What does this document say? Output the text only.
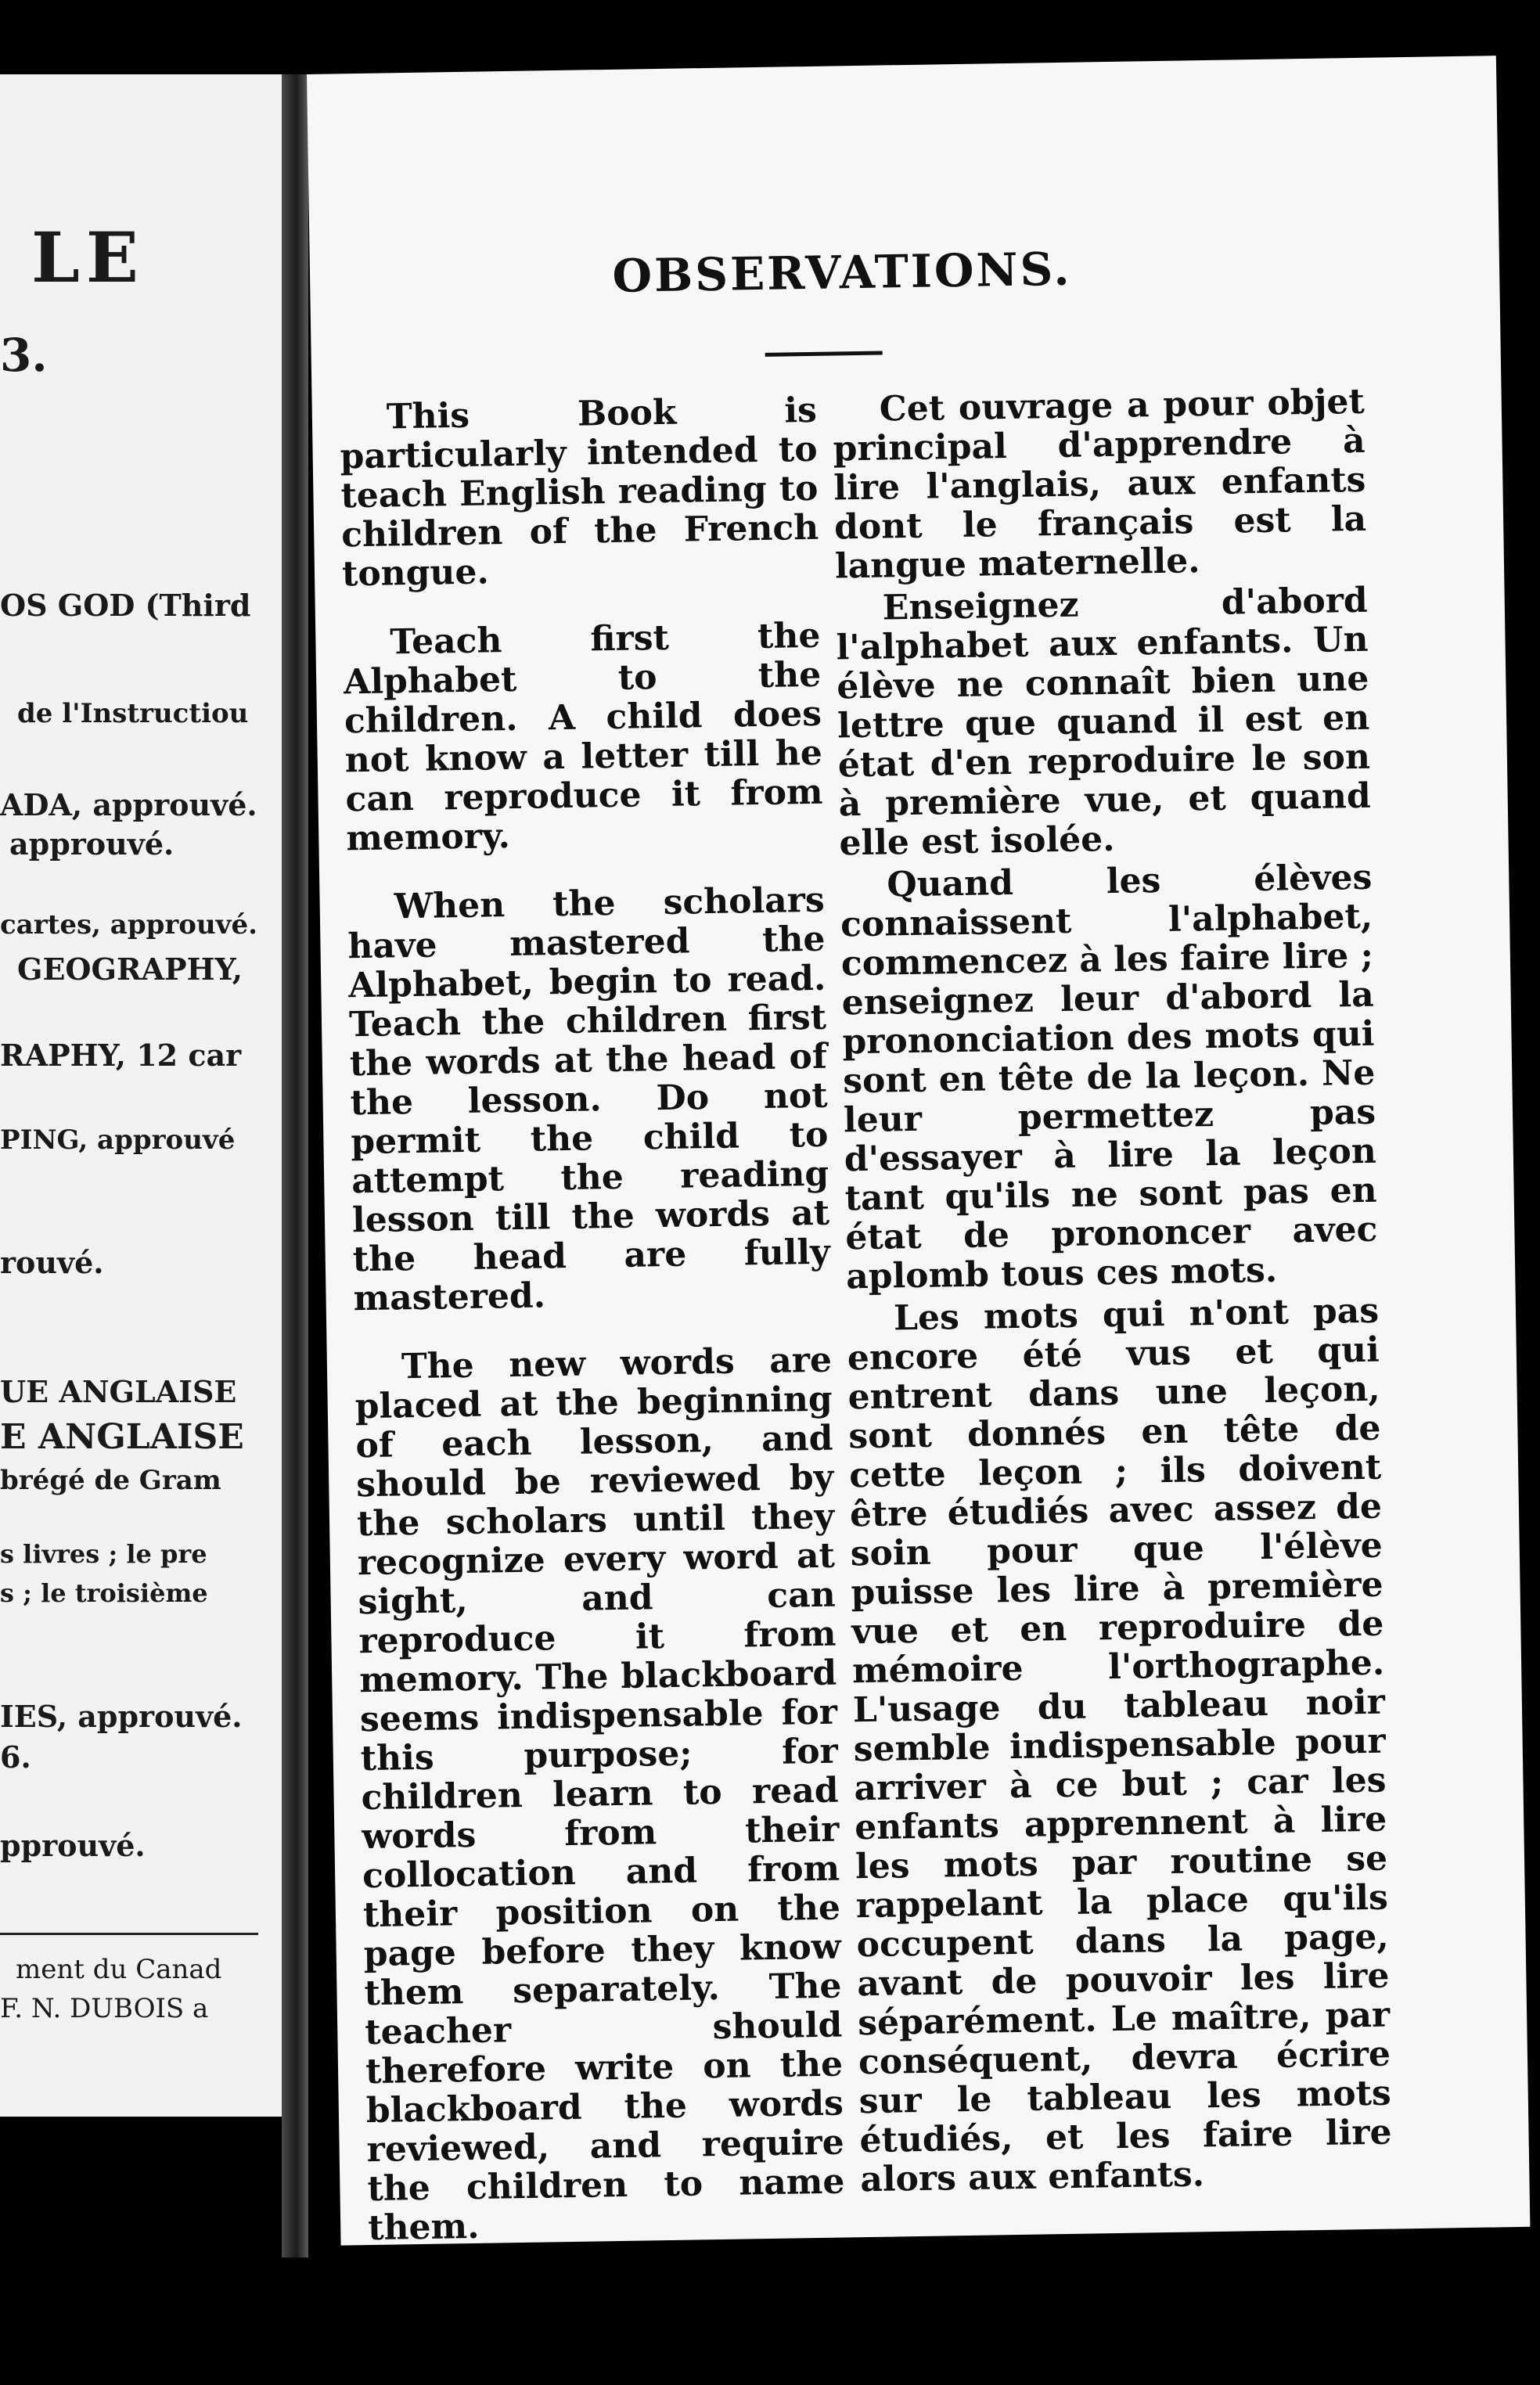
LE
3.
OS GOD (Third
de l'Instructiou
ADA, approuvé.
approuvé.
cartes, approuvé.
GEOGRAPHY,
RAPHY, 12 car
PING, approuvé
rouvé.
UE ANGLAISE
E ANGLAISE
brégé de Gram
s livres ; le pre
s ; le troisième
IES, approuvé.
6.
pprouvé.
ment du Canad
F. N. DUBOIS a
OBSERVATIONS.

This Book is particularly intended to teach English reading to children of the French tongue.

Teach first the Alphabet to the children. A child does not know a letter till he can reproduce it from memory.

When the scholars have mastered the Alphabet, begin to read. Teach the children first the words at the head of the lesson. Do not permit the child to attempt the reading lesson till the words at the head are fully mastered.

The new words are placed at the beginning of each lesson, and should be reviewed by the scholars until they recognize every word at sight, and can reproduce it from memory. The blackboard seems indispensable for this purpose; for children learn to read words from their collocation and from their position on the page before they know them separately. The teacher should therefore write on the blackboard the words reviewed, and require the children to name them.

Cet ouvrage a pour objet principal d'apprendre à lire l'anglais, aux enfants dont le français est la langue maternelle.

Enseignez d'abord l'alphabet aux enfants. Un élève ne connaît bien une lettre que quand il est en état d'en reproduire le son à première vue, et quand elle est isolée.

Quand les élèves connaissent l'alphabet, commencez à les faire lire ; enseignez leur d'abord la prononciation des mots qui sont en tête de la leçon. Ne leur permettez pas d'essayer à lire la leçon tant qu'ils ne sont pas en état de prononcer avec aplomb tous ces mots.

Les mots qui n'ont pas encore été vus et qui entrent dans une leçon, sont donnés en tête de cette leçon ; ils doivent être étudiés avec assez de soin pour que l'élève puisse les lire à première vue et en reproduire de mémoire l'orthographe. L'usage du tableau noir semble indispensable pour arriver à ce but ; car les enfants apprennent à lire les mots par routine se rappelant la place qu'ils occupent dans la page, avant de pouvoir les lire séparément. Le maître, par conséquent, devra écrire sur le tableau les mots étudiés, et les faire lire alors aux enfants.
